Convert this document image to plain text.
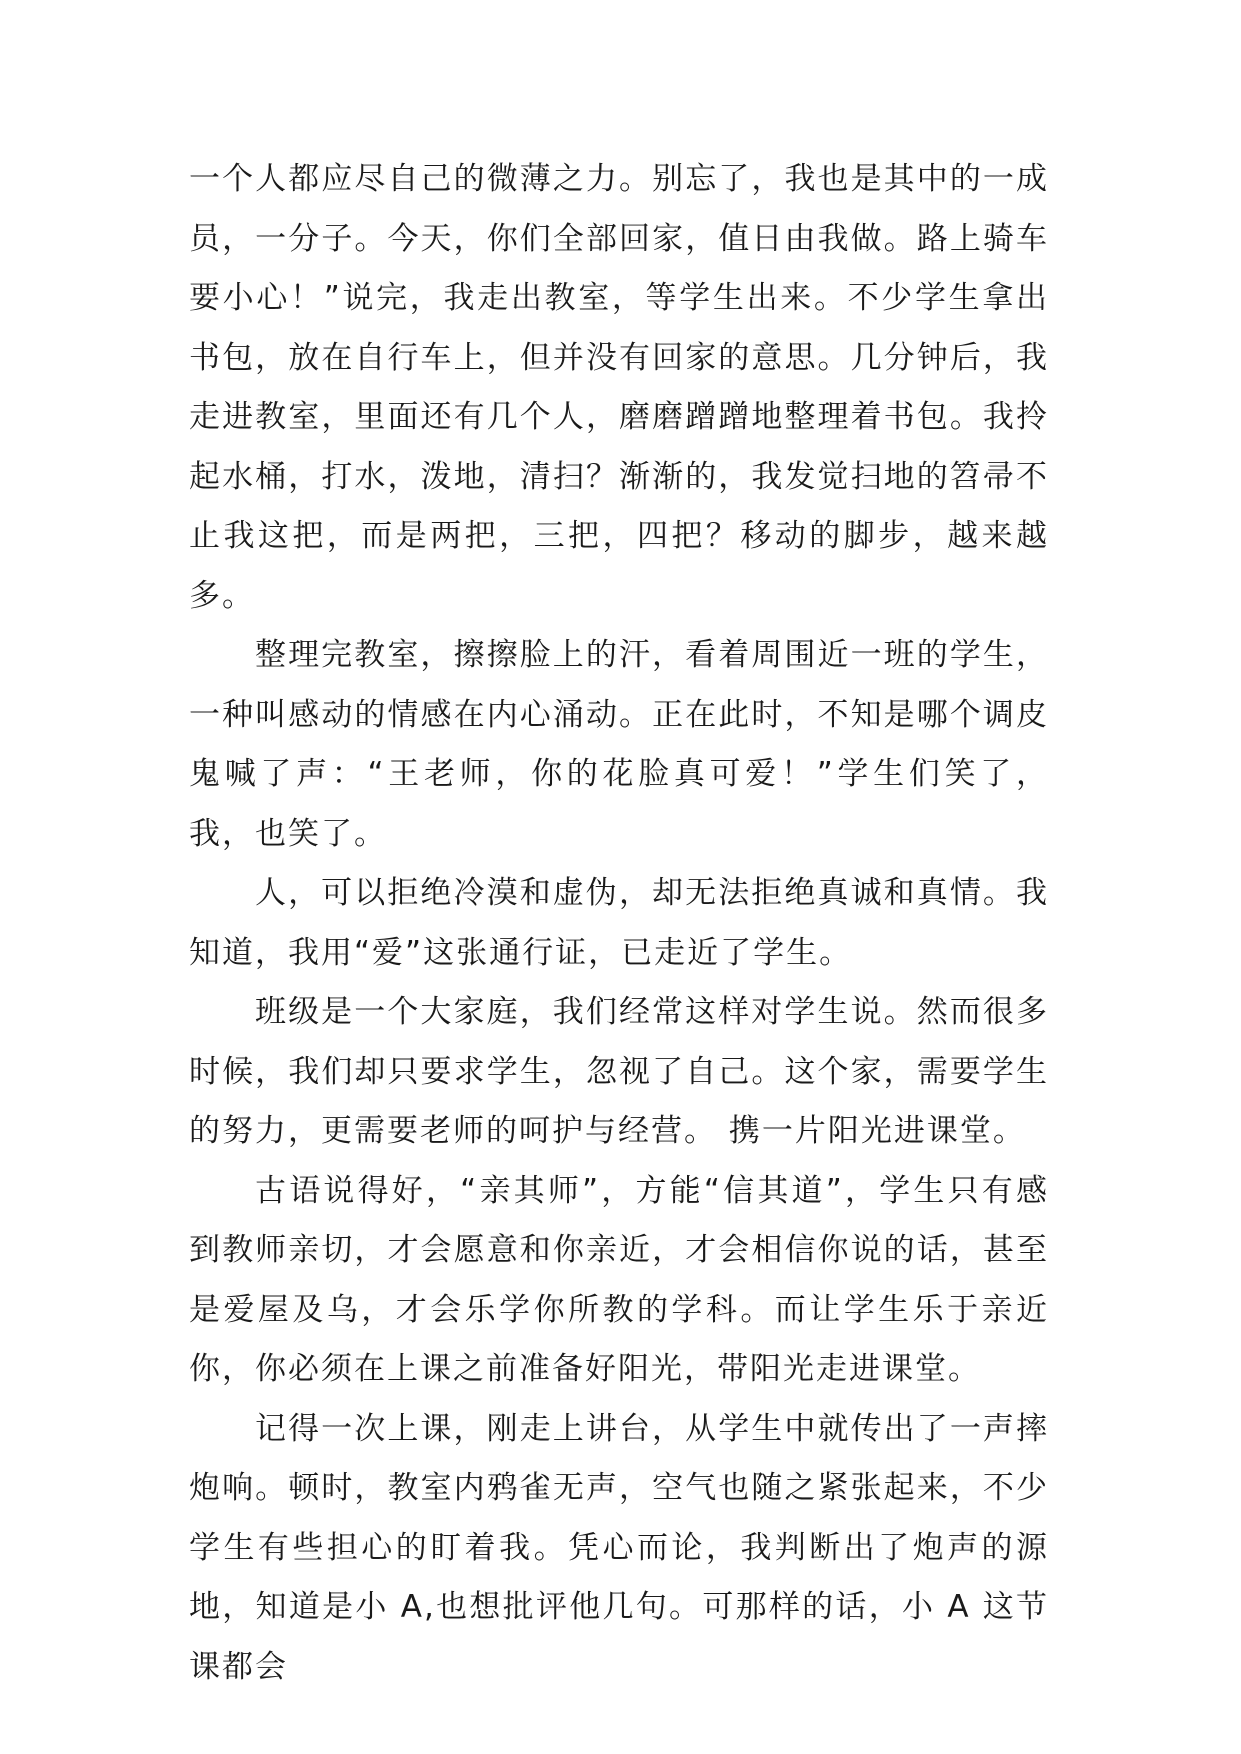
一个人都应尽自己的微薄之力。别忘了，我也是其中的一成员，一分子。今天，你们全部回家，值日由我做。路上骑车要小心！”说完，我走出教室，等学生出来。不少学生拿出书包，放在自行车上，但并没有回家的意思。几分钟后，我走进教室，里面还有几个人，磨磨蹭蹭地整理着书包。我拎起水桶，打水，泼地，清扫？渐渐的，我发觉扫地的笤帚不止我这把，而是两把，三把，四把？移动的脚步，越来越多。

整理完教室，擦擦脸上的汗，看着周围近一班的学生，一种叫感动的情感在内心涌动。正在此时，不知是哪个调皮鬼喊了声：“王老师，你的花脸真可爱！”学生们笑了，我，也笑了。

人，可以拒绝冷漠和虚伪，却无法拒绝真诚和真情。我知道，我用“爱”这张通行证，已走近了学生。

班级是一个大家庭，我们经常这样对学生说。然而很多时候，我们却只要求学生，忽视了自己。这个家，需要学生的努力，更需要老师的呵护与经营。 携一片阳光进课堂。

古语说得好，“亲其师”，方能“信其道”，学生只有感到教师亲切，才会愿意和你亲近，才会相信你说的话，甚至是爱屋及乌，才会乐学你所教的学科。而让学生乐于亲近你，你必须在上课之前准备好阳光，带阳光走进课堂。

记得一次上课，刚走上讲台，从学生中就传出了一声摔炮响。顿时，教室内鸦雀无声，空气也随之紧张起来，不少学生有些担心的盯着我。凭心而论，我判断出了炮声的源地，知道是小 A,也想批评他几句。可那样的话，小 A 这节课都会
